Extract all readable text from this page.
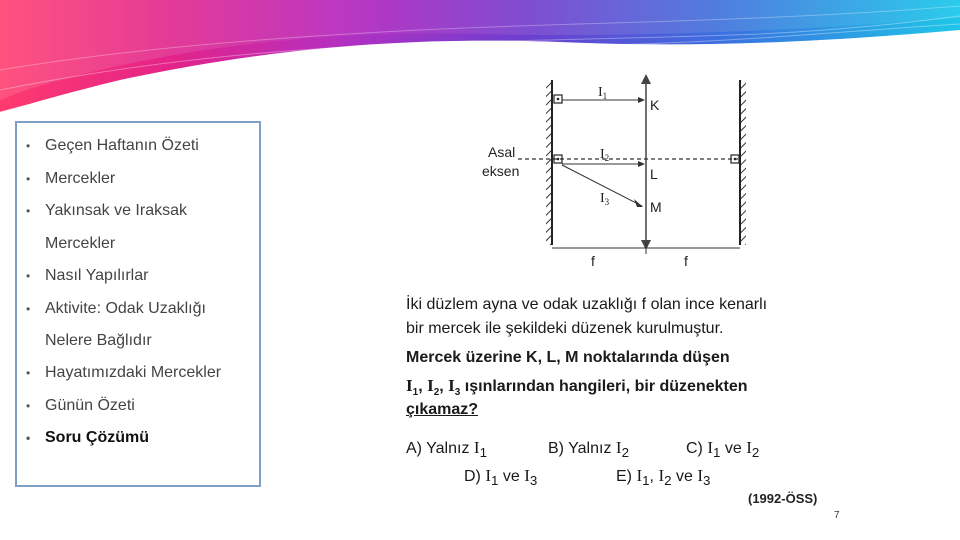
• Geçen Haftanın Özeti
• Mercekler
• Yakınsak ve Iraksak
Mercekler
• Nasıl Yapılırlar
• Aktivite: Odak Uzaklığı
Nelere Bağlıdır
• Hayatımızdaki Mercekler
• Günün Özeti
• Soru Çözümü
Asal
eksen
$I_1$
$I_2$
$I_3$
K
L
M
f	f
İki düzlem ayna ve odak uzaklığı f olan ince kenarlı
bir mercek ile şekildeki düzenek kurulmuştur.
Mercek üzerine K, L, M noktalarında düşen
$I_1$, $I_2$, $I_3$ ışınlarından hangileri, bir düzenekten
çıkamaz?
A) Yalnız $I_1$	B) Yalnız $I_2$	C) $I_1$ ve $I_2$
D) $I_1$ ve $I_3$	E) $I_1$, $I_2$ ve $I_3$
(1992-ÖSS)
7
